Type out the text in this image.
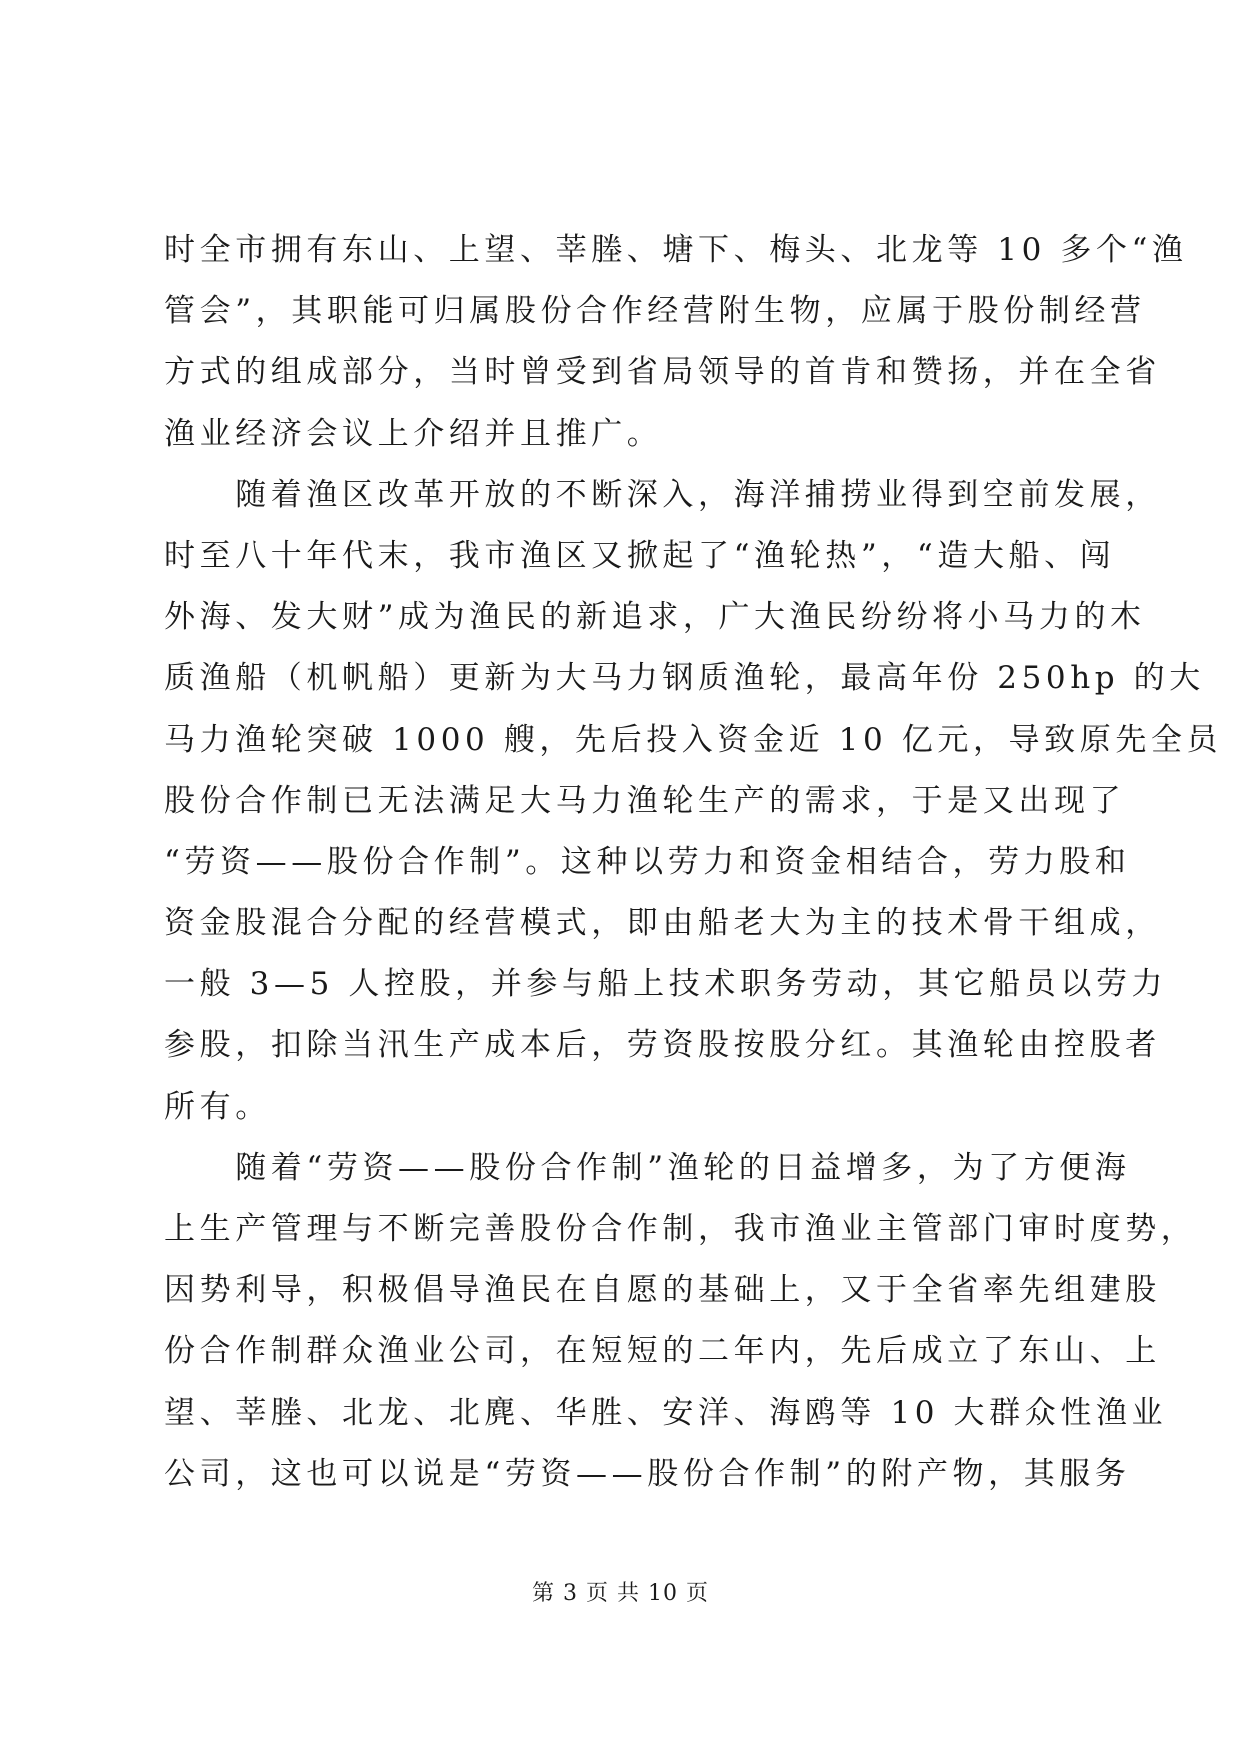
时全市拥有东山、上望、莘塍、塘下、梅头、北龙等 10 多个“渔
管会”，其职能可归属股份合作经营附生物，应属于股份制经营
方式的组成部分，当时曾受到省局领导的首肯和赞扬，并在全省
渔业经济会议上介绍并且推广。
　　随着渔区改革开放的不断深入，海洋捕捞业得到空前发展，
时至八十年代末，我市渔区又掀起了“渔轮热”，“造大船、闯
外海、发大财”成为渔民的新追求，广大渔民纷纷将小马力的木
质渔船（机帆船）更新为大马力钢质渔轮，最高年份 250hp 的大
马力渔轮突破 1000 艘，先后投入资金近 10 亿元，导致原先全员
股份合作制已无法满足大马力渔轮生产的需求，于是又出现了
“劳资——股份合作制”。这种以劳力和资金相结合，劳力股和
资金股混合分配的经营模式，即由船老大为主的技术骨干组成，
一般 3—5 人控股，并参与船上技术职务劳动，其它船员以劳力
参股，扣除当汛生产成本后，劳资股按股分红。其渔轮由控股者
所有。
　　随着“劳资——股份合作制”渔轮的日益增多，为了方便海
上生产管理与不断完善股份合作制，我市渔业主管部门审时度势，
因势利导，积极倡导渔民在自愿的基础上，又于全省率先组建股
份合作制群众渔业公司，在短短的二年内，先后成立了东山、上
望、莘塍、北龙、北麂、华胜、安洋、海鸥等 10 大群众性渔业
公司，这也可以说是“劳资——股份合作制”的附产物，其服务
第 3 页 共 10 页
